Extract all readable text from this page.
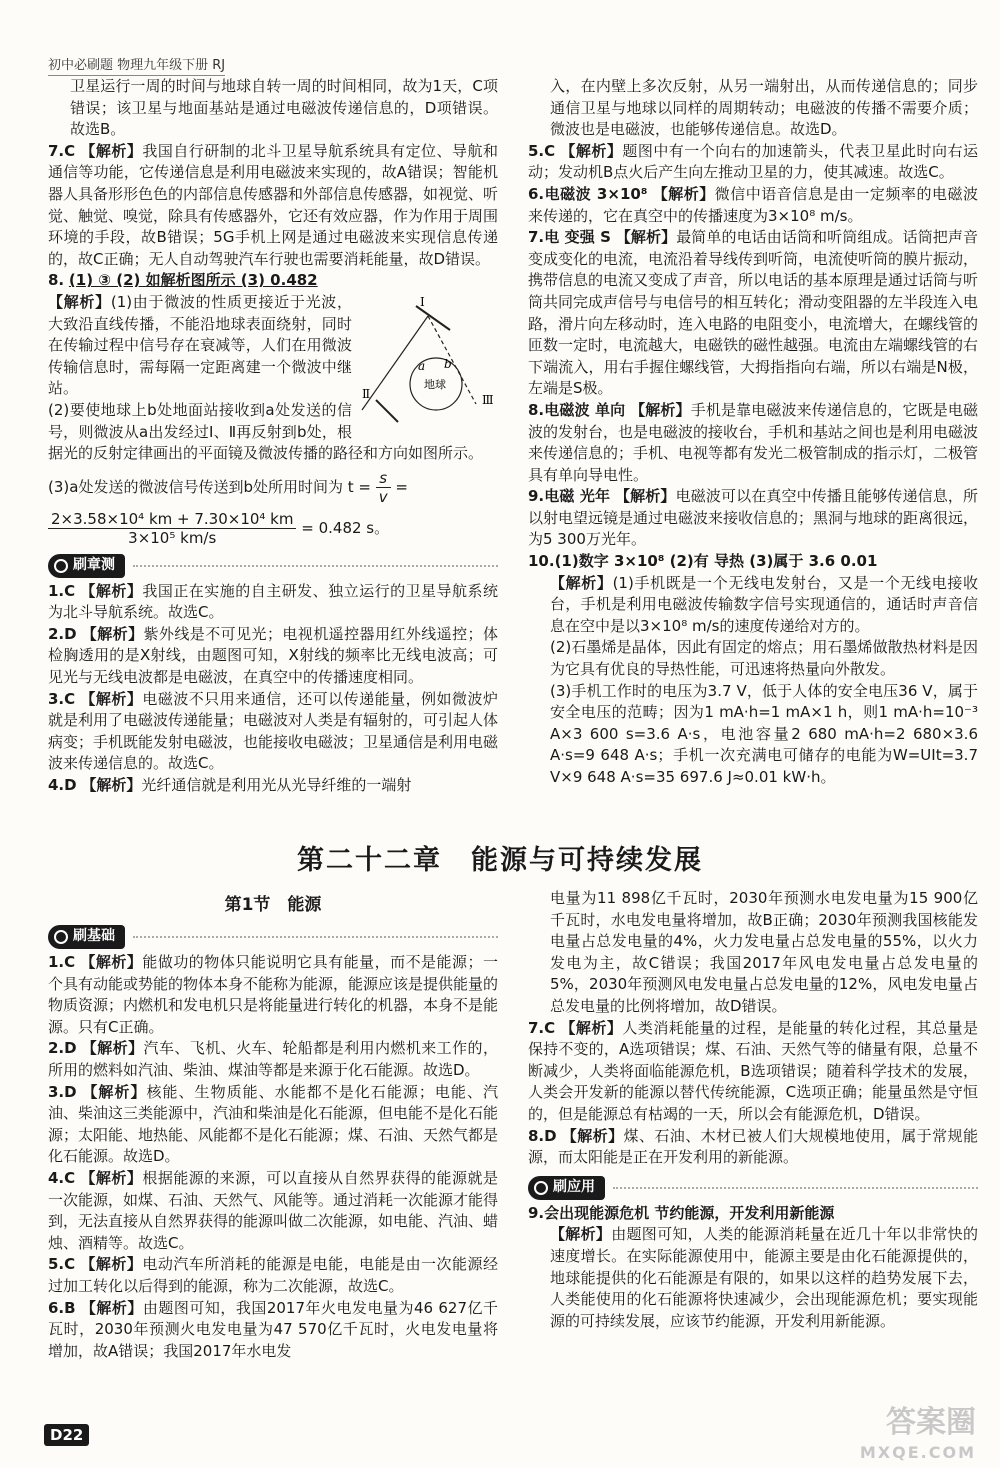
初中必刷题 物理九年级下册 RJ

卫星运行一周的时间与地球自转一周的时间相同，故为1天，C项错误；该卫星与地面基站是通过电磁波传递信息的，D项错误。故选B。

7.C 【解析】我国自行研制的北斗卫星导航系统具有定位、导航和通信等功能，它传递信息是利用电磁波来实现的，故A错误；智能机器人具备形形色色的内部信息传感器和外部信息传感器，如视觉、听觉、触觉、嗅觉，除具有传感器外，它还有效应器，作为作用于周围环境的手段，故B错误；5G手机上网是通过电磁波来实现信息传递的，故C正确；无人自动驾驶汽车行驶也需要消耗能量，故D错误。

8. (1) ③ (2) 如解析图所示 (3) 0.482

地球
Ⅰ
Ⅱ	Ⅲ
a b

【解析】(1)由于微波的性质更接近于光波，大致沿直线传播，不能沿地球表面绕射，同时在传输过程中信号存在衰减等，人们在用微波传输信息时，需每隔一定距离建一个微波中继站。

(2)要使地球上b处地面站接收到a处发送的信号，则微波从a出发经过Ⅰ、Ⅱ再反射到b处，根据光的反射定律画出的平面镜及微波传播的路径和方向如图所示。

(3)a处发送的微波信号传送到b处所用时间为 $t = \frac{s}{v}$ =

$\frac{\text{2×3.58×10⁴ km + 7.30×10⁴ km}}{\text{3×10⁵ km/s}} = 0.482$ s。

刷章测

1.C 【解析】我国正在实施的自主研发、独立运行的卫星导航系统为北斗导航系统。故选C。

2.D 【解析】紫外线是不可见光；电视机遥控器用红外线遥控；体检胸透用的是X射线，由题图可知，X射线的频率比无线电波高；可见光与无线电波都是电磁波，在真空中的传播速度相同。

3.C 【解析】电磁波不只用来通信，还可以传递能量，例如微波炉就是利用了电磁波传递能量；电磁波对人类是有辐射的，可引起人体病变；手机既能发射电磁波，也能接收电磁波；卫星通信是利用电磁波来传递信息的。故选C。

4.D 【解析】光纤通信就是利用光从光导纤维的一端射

入，在内壁上多次反射，从另一端射出，从而传递信息的；同步通信卫星与地球以同样的周期转动；电磁波的传播不需要介质；微波也是电磁波，也能够传递信息。故选D。

5.C 【解析】题图中有一个向右的加速箭头，代表卫星此时向右运动；发动机B点火后产生向左推动卫星的力，使其减速。故选C。

6.电磁波 3×10⁸ 【解析】微信中语音信息是由一定频率的电磁波来传递的，它在真空中的传播速度为3×10⁸ m/s。

7.电 变强 S 【解析】最简单的电话由话筒和听筒组成。话筒把声音变成变化的电流，电流沿着导线传到听筒，电流使听筒的膜片振动，携带信息的电流又变成了声音，所以电话的基本原理是通过话筒与听筒共同完成声信号与电信号的相互转化；滑动变阻器的左半段连入电路，滑片向左移动时，连入电路的电阻变小，电流增大，在螺线管的匝数一定时，电流越大，电磁铁的磁性越强。电流由左端螺线管的右下端流入，用右手握住螺线管，大拇指指向右端，所以右端是N极，左端是S极。

8.电磁波 单向 【解析】手机是靠电磁波来传递信息的，它既是电磁波的发射台，也是电磁波的接收台，手机和基站之间也是利用电磁波来传递信息的；手机、电视等都有发光二极管制成的指示灯，二极管具有单向导电性。

9.电磁 光年 【解析】电磁波可以在真空中传播且能够传递信息，所以射电望远镜是通过电磁波来接收信息的；黑洞与地球的距离很远，为5 300万光年。

10.(1)数字 3×10⁸ (2)有 导热 (3)属于 3.6 0.01

【解析】(1)手机既是一个无线电发射台，又是一个无线电接收台，手机是利用电磁波传输数字信号实现通信的，通话时声音信息在空中是以3×10⁸ m/s的速度传递给对方的。

(2)石墨烯是晶体，因此有固定的熔点；用石墨烯做散热材料是因为它具有优良的导热性能，可迅速将热量向外散发。

(3)手机工作时的电压为3.7 V，低于人体的安全电压36 V，属于安全电压的范畴；因为1 mA·h=1 mA×1 h，则1 mA·h=10⁻³ A×3 600 s=3.6 A·s，电池容量2 680 mA·h=2 680×3.6 A·s=9 648 A·s；手机一次充满电可储存的电能为W=UIt=3.7 V×9 648 A·s=35 697.6 J≈0.01 kW·h。

第二十二章　能源与可持续发展
第1节　能源
刷基础

1.C 【解析】能做功的物体只能说明它具有能量，而不是能源；一个具有动能或势能的物体本身不能称为能源，能源应该是提供能量的物质资源；内燃机和发电机只是将能量进行转化的机器，本身不是能源。只有C正确。

2.D 【解析】汽车、飞机、火车、轮船都是利用内燃机来工作的，所用的燃料如汽油、柴油、煤油等都是来源于化石能源。故选D。

3.D 【解析】核能、生物质能、水能都不是化石能源；电能、汽油、柴油这三类能源中，汽油和柴油是化石能源，但电能不是化石能源；太阳能、地热能、风能都不是化石能源；煤、石油、天然气都是化石能源。故选D。

4.C 【解析】根据能源的来源，可以直接从自然界获得的能源就是一次能源，如煤、石油、天然气、风能等。通过消耗一次能源才能得到，无法直接从自然界获得的能源叫做二次能源，如电能、汽油、蜡烛、酒精等。故选C。

5.C 【解析】电动汽车所消耗的能源是电能，电能是由一次能源经过加工转化以后得到的能源，称为二次能源，故选C。

6.B 【解析】由题图可知，我国2017年火电发电量为46 627亿千瓦时，2030年预测火电发电量为47 570亿千瓦时，火电发电量将增加，故A错误；我国2017年水电发

电量为11 898亿千瓦时，2030年预测水电发电量为15 900亿千瓦时，水电发电量将增加，故B正确；2030年预测我国核能发电量占总发电量的4%，火力发电量占总发电量的55%，以火力发电为主，故C错误；我国2017年风电发电量占总发电量的5%，2030年预测风电发电量占总发电量的12%，风电发电量占总发电量的比例将增加，故D错误。

7.C 【解析】人类消耗能量的过程，是能量的转化过程，其总量是保持不变的，A选项错误；煤、石油、天然气等的储量有限，总量不断减少，人类将面临能源危机，B选项错误；随着科学技术的发展，人类会开发新的能源以替代传统能源，C选项正确；能量虽然是守恒的，但是能源总有枯竭的一天，所以会有能源危机，D错误。

8.D 【解析】煤、石油、木材已被人们大规模地使用，属于常规能源，而太阳能是正在开发利用的新能源。

刷应用

9.会出现能源危机 节约能源，开发利用新能源

【解析】由题图可知，人类的能源消耗量在近几十年以非常快的速度增长。在实际能源使用中，能源主要是由化石能源提供的，地球能提供的化石能源是有限的，如果以这样的趋势发展下去，人类能使用的化石能源将快速减少，会出现能源危机；要实现能源的可持续发展，应该节约能源，开发利用新能源。

D22	答案圈
MXQE.COM
